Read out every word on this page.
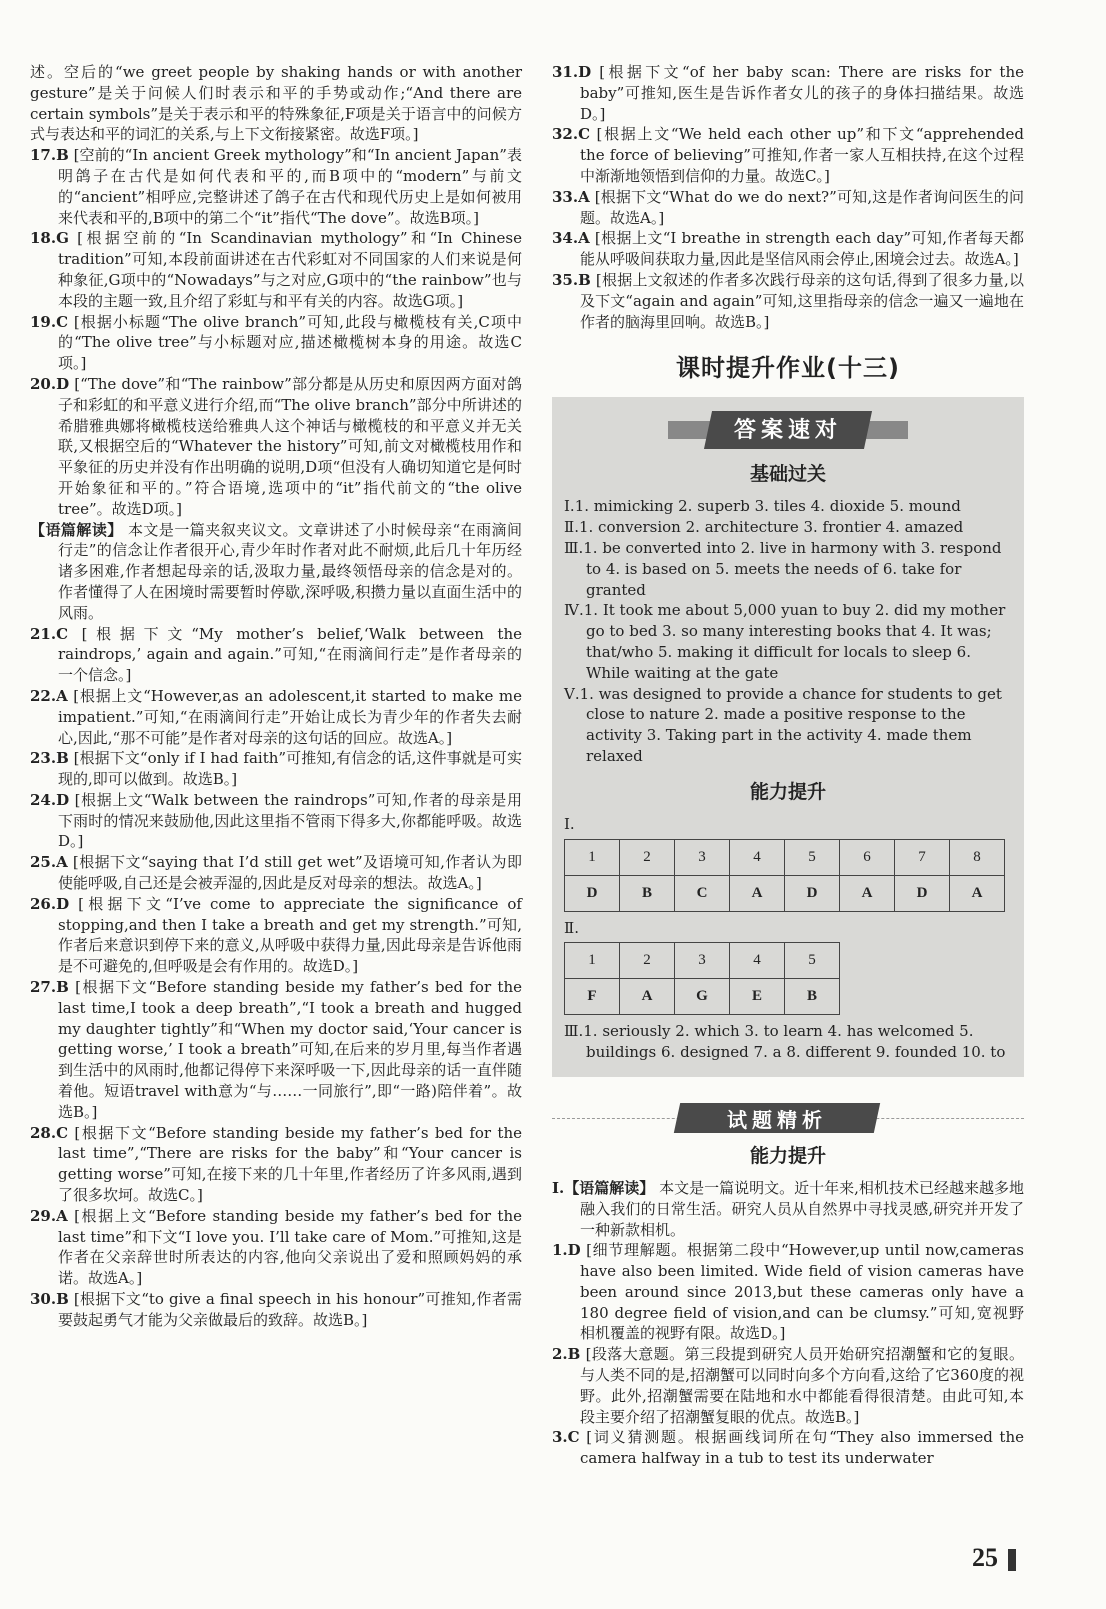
述。空后的“we greet people by shaking hands or with another gesture”是关于问候人们时表示和平的手势或动作;“And there are certain symbols”是关于表示和平的特殊象征,F项是关于语言中的问候方式与表达和平的词汇的关系,与上下文衔接紧密。故选F项。]
17.B [空前的“In ancient Greek mythology”和“In ancient Japan”表明鸽子在古代是如何代表和平的,而B项中的“modern”与前文的“ancient”相呼应,完整讲述了鸽子在古代和现代历史上是如何被用来代表和平的,B项中的第二个“it”指代“The dove”。故选B项。]
18.G [根据空前的“In Scandinavian mythology”和“In Chinese tradition”可知,本段前面讲述在古代彩虹对不同国家的人们来说是何种象征,G项中的“Nowadays”与之对应,G项中的“the rainbow”也与本段的主题一致,且介绍了彩虹与和平有关的内容。故选G项。]
19.C [根据小标题“The olive branch”可知,此段与橄榄枝有关,C项中的“The olive tree”与小标题对应,描述橄榄树本身的用途。故选C项。]
20.D [“The dove”和“The rainbow”部分都是从历史和原因两方面对鸽子和彩虹的和平意义进行介绍,而“The olive branch”部分中所讲述的希腊雅典娜将橄榄枝送给雅典人这个神话与橄榄枝的和平意义并无关联,又根据空后的“Whatever the history”可知,前文对橄榄枝用作和平象征的历史并没有作出明确的说明,D项“但没有人确切知道它是何时开始象征和平的。”符合语境,选项中的“it”指代前文的“the olive tree”。故选D项。]
【语篇解读】 本文是一篇夹叙夹议文。文章讲述了小时候母亲“在雨滴间行走”的信念让作者很开心,青少年时作者对此不耐烦,此后几十年历经诸多困难,作者想起母亲的话,汲取力量,最终领悟母亲的信念是对的。作者懂得了人在困境时需要暂时停歇,深呼吸,积攒力量以直面生活中的风雨。
21.C [根据下文“My mother’s belief,‘Walk between the raindrops,’ again and again.”可知,“在雨滴间行走”是作者母亲的一个信念。]
22.A [根据上文“However,as an adolescent,it started to make me impatient.”可知,“在雨滴间行走”开始让成长为青少年的作者失去耐心,因此,“那不可能”是作者对母亲的这句话的回应。故选A。]
23.B [根据下文“only if I had faith”可推知,有信念的话,这件事就是可实现的,即可以做到。故选B。]
24.D [根据上文“Walk between the raindrops”可知,作者的母亲是用下雨时的情况来鼓励他,因此这里指不管雨下得多大,你都能呼吸。故选D。]
25.A [根据下文“saying that I’d still get wet”及语境可知,作者认为即使能呼吸,自己还是会被弄湿的,因此是反对母亲的想法。故选A。]
26.D [根据下文“I’ve come to appreciate the significance of stopping,and then I take a breath and get my strength.”可知,作者后来意识到停下来的意义,从呼吸中获得力量,因此母亲是告诉他雨是不可避免的,但呼吸是会有作用的。故选D。]
27.B [根据下文“Before standing beside my father’s bed for the last time,I took a deep breath”,“I took a breath and hugged my daughter tightly”和“When my doctor said,‘Your cancer is getting worse,’ I took a breath”可知,在后来的岁月里,每当作者遇到生活中的风雨时,他都记得停下来深呼吸一下,因此母亲的话一直伴随着他。短语travel with意为“与……一同旅行”,即“一路)陪伴着”。故选B。]
28.C [根据下文“Before standing beside my father’s bed for the last time”,“There are risks for the baby”和“Your cancer is getting worse”可知,在接下来的几十年里,作者经历了许多风雨,遇到了很多坎坷。故选C。]
29.A [根据上文“Before standing beside my father’s bed for the last time”和下文“I love you. I’ll take care of Mom.”可推知,这是作者在父亲辞世时所表达的内容,他向父亲说出了爱和照顾妈妈的承诺。故选A。]
30.B [根据下文“to give a final speech in his honour”可推知,作者需要鼓起勇气才能为父亲做最后的致辞。故选B。]
31.D [根据下文“of her baby scan: There are risks for the baby”可推知,医生是告诉作者女儿的孩子的身体扫描结果。故选D。]
32.C [根据上文“We held each other up”和下文“apprehended the force of believing”可推知,作者一家人互相扶持,在这个过程中渐渐地领悟到信仰的力量。故选C。]
33.A [根据下文“What do we do next?”可知,这是作者询问医生的问题。故选A。]
34.A [根据上文“I breathe in strength each day”可知,作者每天都能从呼吸间获取力量,因此是坚信风雨会停止,困境会过去。故选A。]
35.B [根据上文叙述的作者多次践行母亲的这句话,得到了很多力量,以及下文“again and again”可知,这里指母亲的信念一遍又一遍地在作者的脑海里回响。故选B。]
课时提升作业(十三)
答案速对
基础过关
Ⅰ.1. mimicking 2. superb 3. tiles 4. dioxide 5. mound
Ⅱ.1. conversion 2. architecture 3. frontier 4. amazed
Ⅲ.1. be converted into 2. live in harmony with 3. respond to 4. is based on 5. meets the needs of 6. take for granted
Ⅳ.1. It took me about 5,000 yuan to buy 2. did my mother go to bed 3. so many interesting books that 4. It was; that/who 5. making it difficult for locals to sleep 6. While waiting at the gate
Ⅴ.1. was designed to provide a chance for students to get close to nature 2. made a positive response to the activity 3. Taking part in the activity 4. made them relaxed
能力提升
Ⅰ.
1	2	3	4	5	6	7	8
D	B	C	A	D	A	D	A
Ⅱ.
1	2	3	4	5
F	A	G	E	B
Ⅲ.1. seriously 2. which 3. to learn 4. has welcomed 5. buildings 6. designed 7. a 8. different 9. founded 10. to
试题精析
能力提升
Ⅰ.【语篇解读】 本文是一篇说明文。近十年来,相机技术已经越来越多地融入我们的日常生活。研究人员从自然界中寻找灵感,研究并开发了一种新款相机。
1.D [细节理解题。根据第二段中“However,up until now,cameras have also been limited. Wide field of vision cameras have been around since 2013,but these cameras only have a 180 degree field of vision,and can be clumsy.”可知,宽视野相机覆盖的视野有限。故选D。]
2.B [段落大意题。第三段提到研究人员开始研究招潮蟹和它的复眼。与人类不同的是,招潮蟹可以同时向多个方向看,这给了它360度的视野。此外,招潮蟹需要在陆地和水中都能看得很清楚。由此可知,本段主要介绍了招潮蟹复眼的优点。故选B。]
3.C [词义猜测题。根据画线词所在句“They also immersed the camera halfway in a tub to test its underwater
25
